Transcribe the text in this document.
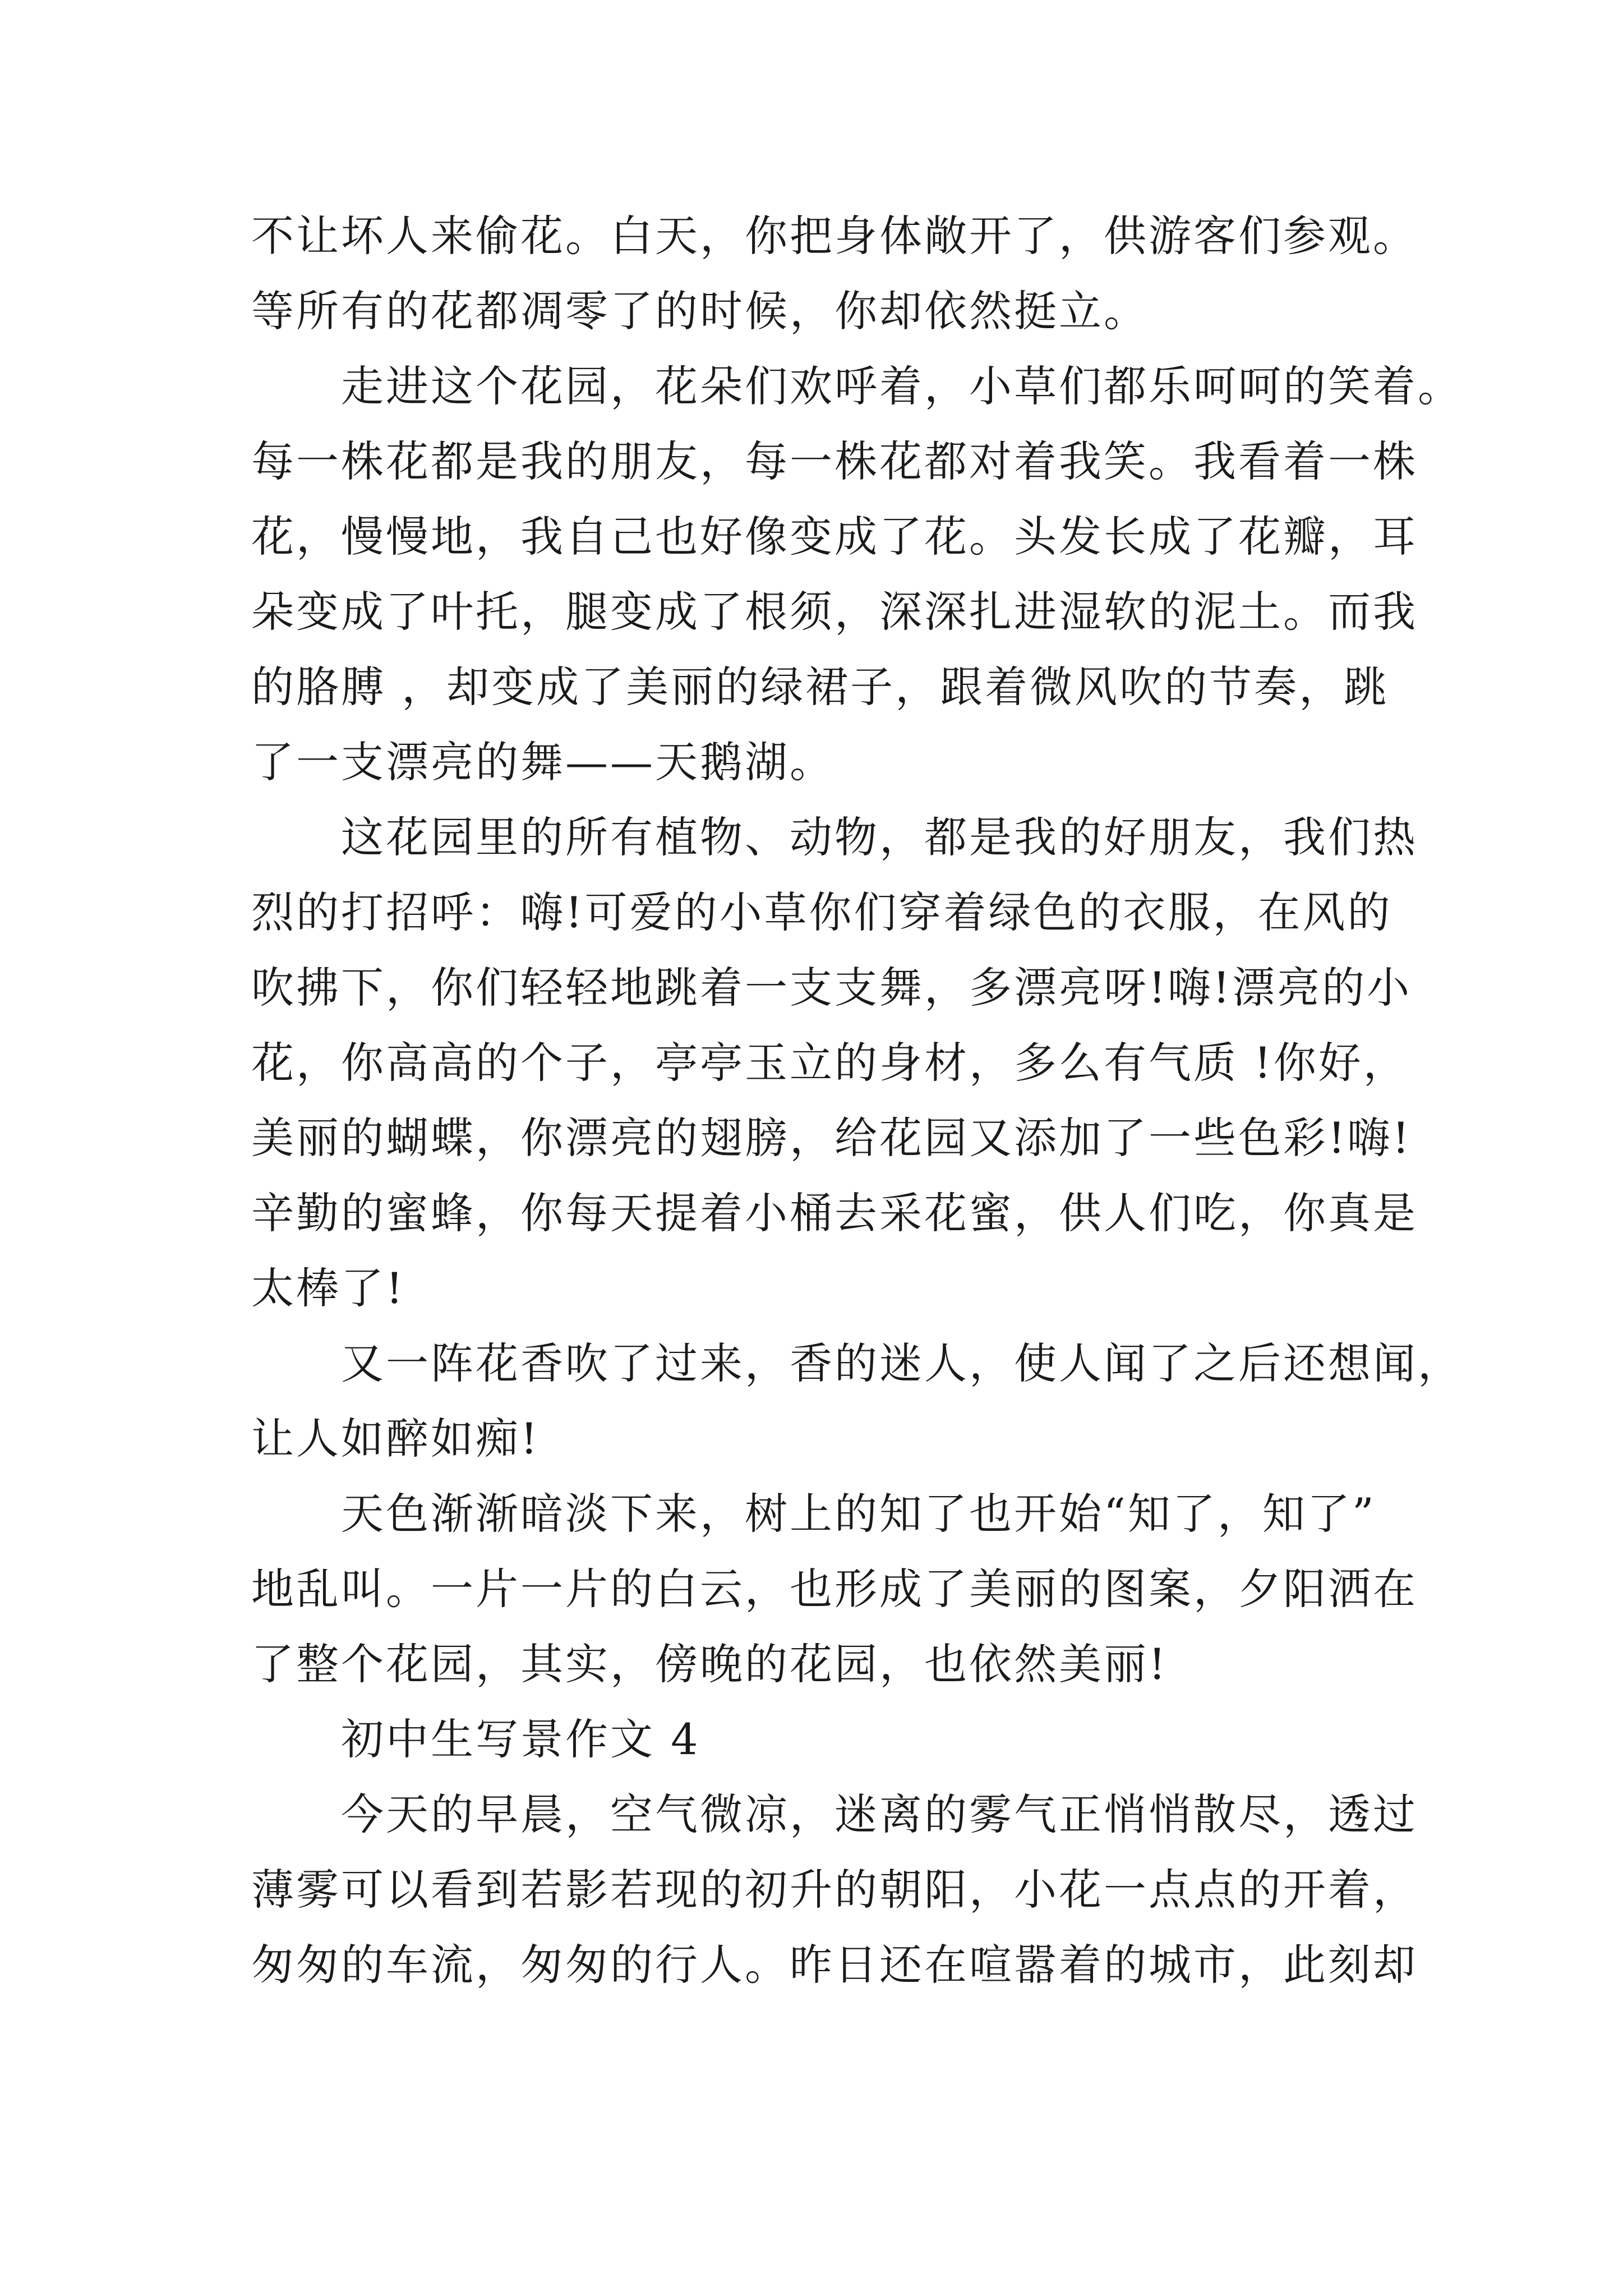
不让坏人来偷花。白天，你把身体敞开了，供游客们参观。
等所有的花都凋零了的时候，你却依然挺立。
走进这个花园，花朵们欢呼着，小草们都乐呵呵的笑着。
每一株花都是我的朋友，每一株花都对着我笑。我看着一株
花，慢慢地，我自己也好像变成了花。头发长成了花瓣，耳
朵变成了叶托，腿变成了根须，深深扎进湿软的泥土。而我
的胳膊 ，却变成了美丽的绿裙子，跟着微风吹的节奏，跳
了一支漂亮的舞——天鹅湖。
这花园里的所有植物、动物，都是我的好朋友，我们热
烈的打招呼：嗨!可爱的小草你们穿着绿色的衣服，在风的
吹拂下，你们轻轻地跳着一支支舞，多漂亮呀!嗨!漂亮的小
花，你高高的个子，亭亭玉立的身材，多么有气质 !你好，
美丽的蝴蝶，你漂亮的翅膀，给花园又添加了一些色彩!嗨!
辛勤的蜜蜂，你每天提着小桶去采花蜜，供人们吃，你真是
太棒了!
又一阵花香吹了过来，香的迷人，使人闻了之后还想闻，
让人如醉如痴!
天色渐渐暗淡下来，树上的知了也开始“知了，知了”
地乱叫。一片一片的白云，也形成了美丽的图案，夕阳洒在
了整个花园，其实，傍晚的花园，也依然美丽!
初中生写景作文 4
今天的早晨，空气微凉，迷离的雾气正悄悄散尽，透过
薄雾可以看到若影若现的初升的朝阳，小花一点点的开着，
匆匆的车流，匆匆的行人。昨日还在喧嚣着的城市，此刻却
